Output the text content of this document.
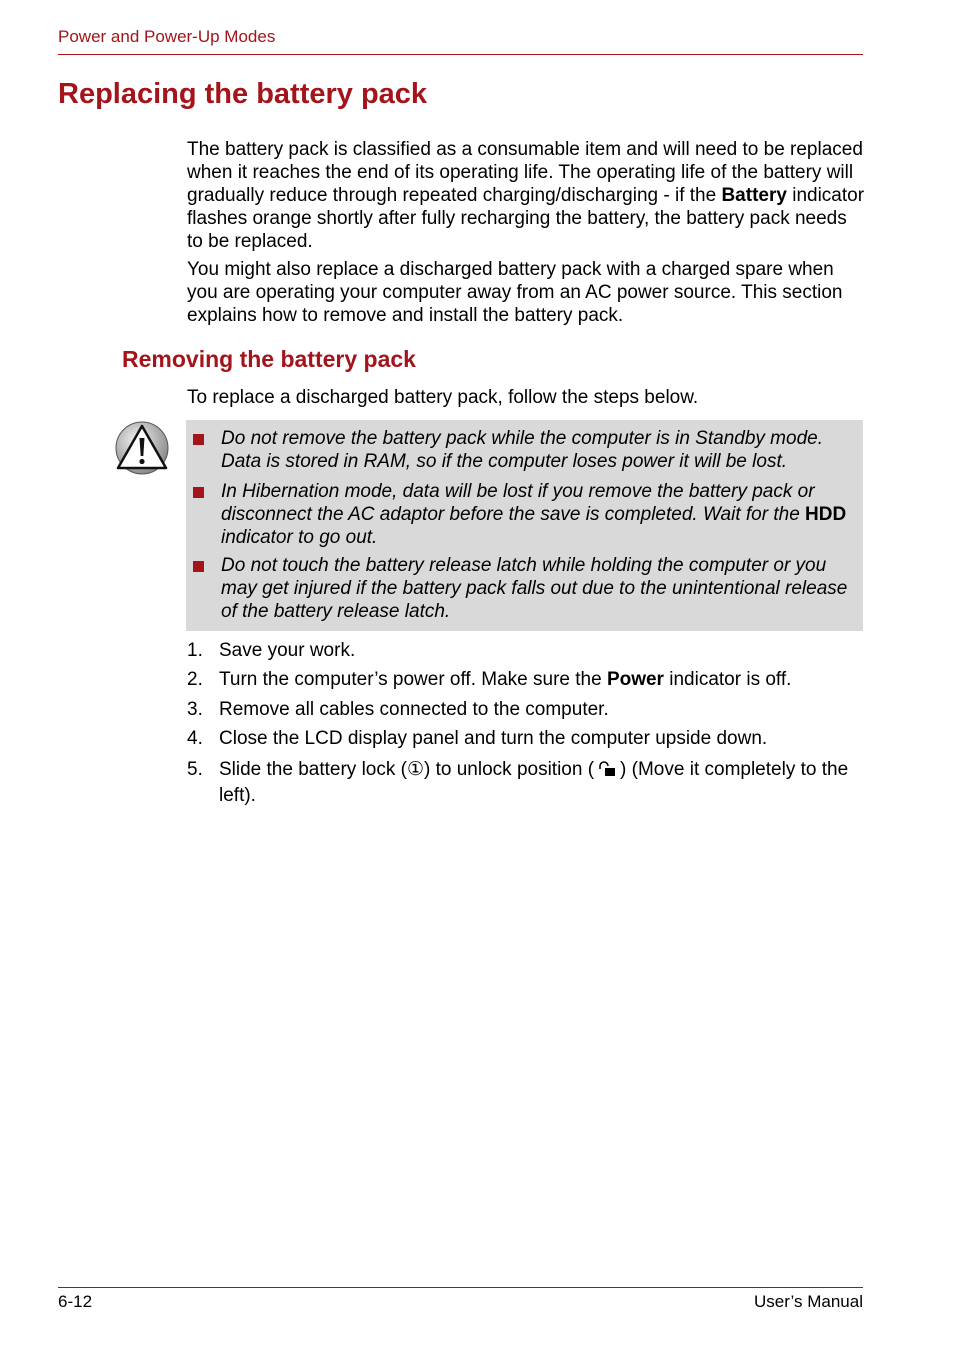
Power and Power-Up Modes
Replacing the battery pack

The battery pack is classified as a consumable item and will need to be replaced when it reaches the end of its operating life. The operating life of the battery will gradually reduce through repeated charging/discharging - if the Battery indicator flashes orange shortly after fully recharging the battery, the battery pack needs to be replaced.

You might also replace a discharged battery pack with a charged spare when you are operating your computer away from an AC power source. This section explains how to remove and install the battery pack.

Removing the battery pack

To replace a discharged battery pack, follow the steps below.

Do not remove the battery pack while the computer is in Standby mode. Data is stored in RAM, so if the computer loses power it will be lost.
In Hibernation mode, data will be lost if you remove the battery pack or disconnect the AC adaptor before the save is completed. Wait for the HDD indicator to go out.
Do not touch the battery release latch while holding the computer or you may get injured if the battery pack falls out due to the unintentional release of the battery release latch.
1. Save your work.
2. Turn the computer’s power off. Make sure the Power indicator is off.
3. Remove all cables connected to the computer.
4. Close the LCD display panel and turn the computer upside down.
5. Slide the battery lock (①) to unlock position ( ) (Move it completely to the left).
6-12	User’s Manual
